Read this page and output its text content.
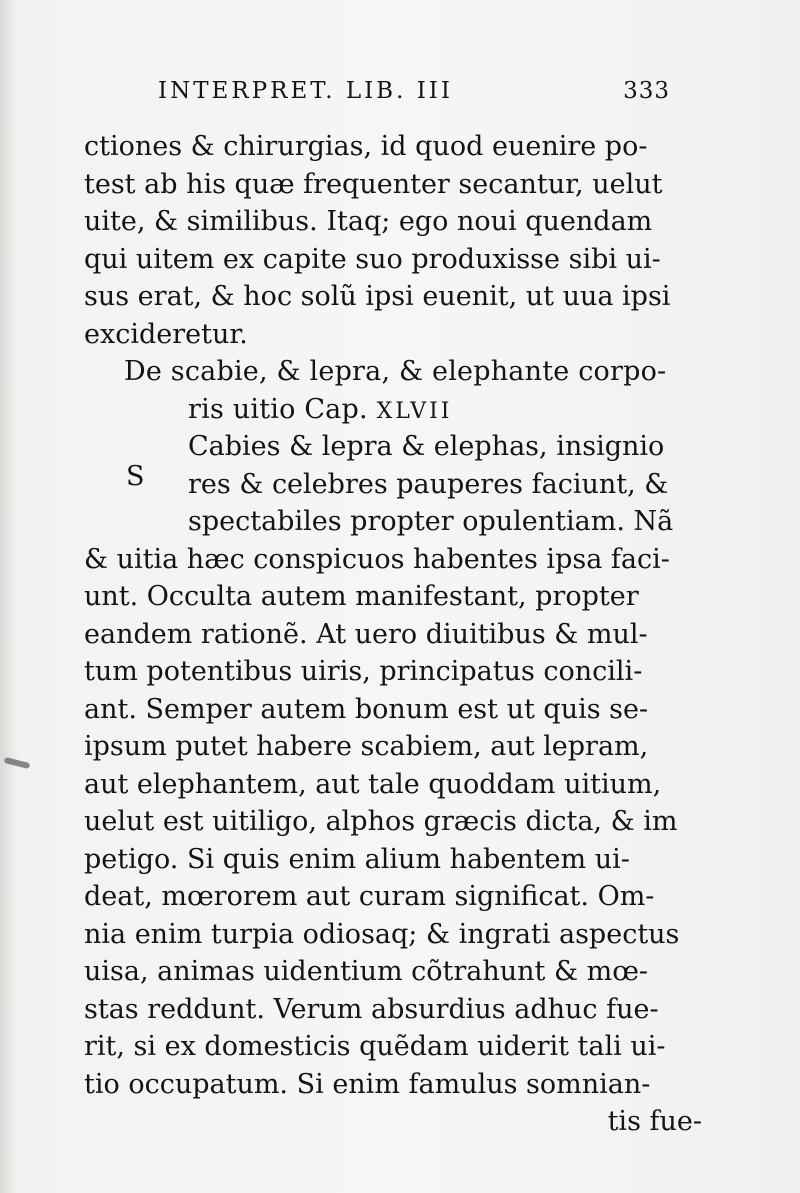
INTERPRET. LIB. III	333
S
ctiones & chirurgias, id quod euenire po-
test ab his quæ frequenter secantur, uelut
uite, & similibus. Itaq; ego noui quendam
qui uitem ex capite suo produxisse sibi ui-
sus erat, & hoc solũ ipsi euenit, ut uua ipsi
excideretur.
De scabie, & lepra, & elephante corpo-
ris uitio Cap. XLVII
Cabies & lepra & elephas, insignio
res & celebres pauperes faciunt, &
spectabiles propter opulentiam. Nã
& uitia hæc conspicuos habentes ipsa faci-
unt. Occulta autem manifestant, propter
eandem rationẽ. At uero diuitibus & mul-
tum potentibus uiris, principatus concili-
ant. Semper autem bonum est ut quis se-
ipsum putet habere scabiem, aut lepram,
aut elephantem, aut tale quoddam uitium,
uelut est uitiligo, alphos græcis dicta, & im
petigo. Si quis enim alium habentem ui-
deat, mœrorem aut curam significat. Om-
nia enim turpia odiosaq; & ingrati aspectus
uisa, animas uidentium cõtrahunt & mœ-
stas reddunt. Verum absurdius adhuc fue-
rit, si ex domesticis quẽdam uiderit tali ui-
tio occupatum. Si enim famulus somnian-
tis fue-
